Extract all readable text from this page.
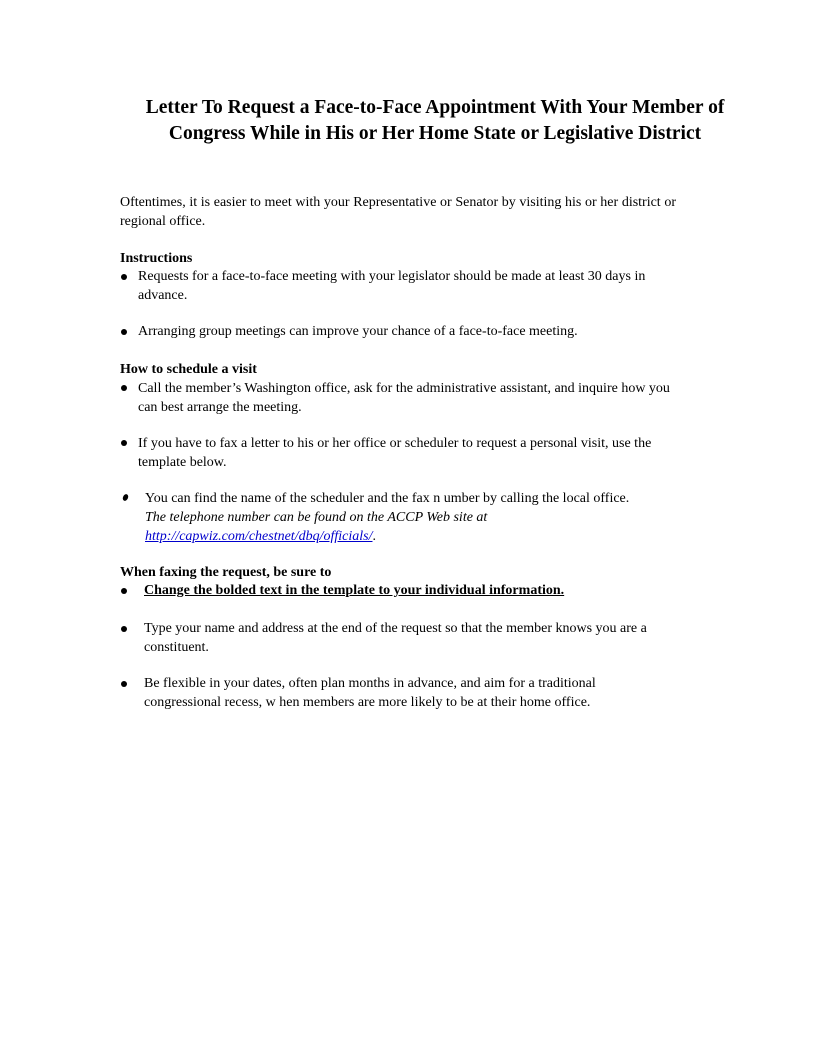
Letter To Request a Face-to-Face Appointment With Your Member of
Congress While in His or Her Home State or Legislative District
Oftentimes, it is easier to meet with your Representative or Senator by visiting his or her district or regional office.
Instructions
Requests for a face-to-face meeting with your legislator should be made at least 30 days in advance.
Arranging group meetings can improve your chance of a face-to-face meeting.
How to schedule a visit
Call the member’s Washington office, ask for the administrative assistant, and inquire how you can best arrange the meeting.
If you have to fax a letter to his or her office or scheduler to request a personal visit, use the template below.
You can find the name of the scheduler and the fax n umber by calling the local office.
The telephone number can be found on the ACCP Web site at
http://capwiz.com/chestnet/dbq/officials/.
When faxing the request, be sure to
Change the bolded text in the template to your individual information.
Type your name and address at the end of the request so that the member knows you are a constituent.
Be flexible in your dates, often plan months in advance, and aim for a traditional congressional recess, w hen members are more likely to be at their home office.
